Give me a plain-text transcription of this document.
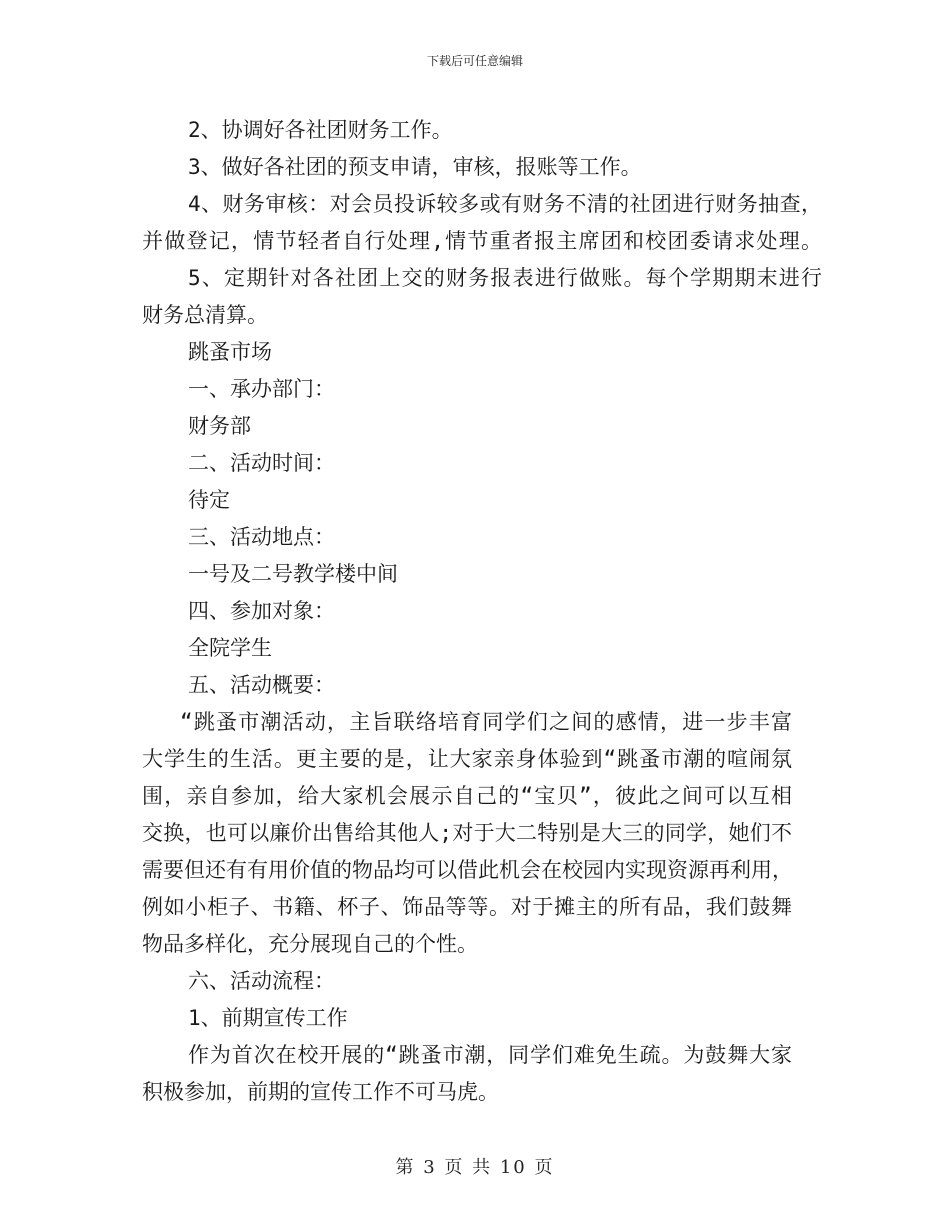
下载后可任意编辑
2、协调好各社团财务工作。
3、做好各社团的预支申请，审核，报账等工作。
4、财务审核：对会员投诉较多或有财务不清的社团进行财务抽查，
并做登记，情节轻者自行处理,情节重者报主席团和校团委请求处理。
5、定期针对各社团上交的财务报表进行做账。每个学期期末进行
财务总清算。
跳蚤市场
一、承办部门：
财务部
二、活动时间：
待定
三、活动地点：
一号及二号教学楼中间
四、参加对象：
全院学生
五、活动概要：
“跳蚤市潮活动，主旨联络培育同学们之间的感情，进一步丰富
大学生的生活。更主要的是，让大家亲身体验到“跳蚤市潮的喧闹氛
围，亲自参加，给大家机会展示自己的“宝贝”，彼此之间可以互相
交换，也可以廉价出售给其他人;对于大二特别是大三的同学，她们不
需要但还有有用价值的物品均可以借此机会在校园内实现资源再利用，
例如小柜子、书籍、杯子、饰品等等。对于摊主的所有品，我们鼓舞
物品多样化，充分展现自己的个性。
六、活动流程：
1、前期宣传工作
作为首次在校开展的“跳蚤市潮，同学们难免生疏。为鼓舞大家
积极参加，前期的宣传工作不可马虎。
第 3 页 共 10 页
